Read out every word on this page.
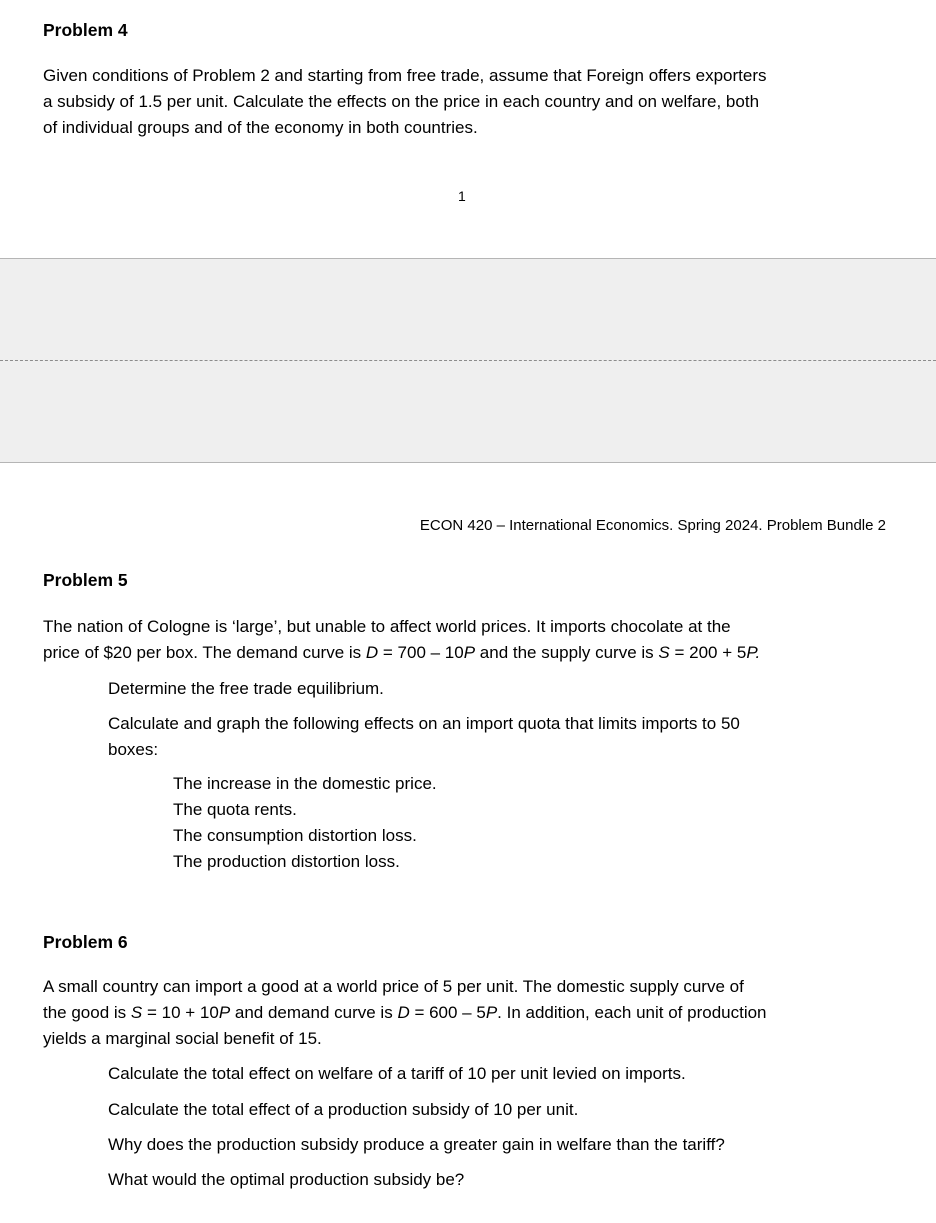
Problem 4
Given conditions of Problem 2 and starting from free trade, assume that Foreign offers exporters
a subsidy of 1.5 per unit. Calculate the effects on the price in each country and on welfare, both
of individual groups and of the economy in both countries.
1
ECON 420 – International Economics. Spring 2024. Problem Bundle 2
Problem 5
The nation of Cologne is ‘large’, but unable to affect world prices. It imports chocolate at the
price of $20 per box. The demand curve is D = 700 – 10P and the supply curve is S = 200 + 5P.
Determine the free trade equilibrium.
Calculate and graph the following effects on an import quota that limits imports to 50
boxes:
The increase in the domestic price.
The quota rents.
The consumption distortion loss.
The production distortion loss.
Problem 6
A small country can import a good at a world price of 5 per unit. The domestic supply curve of
the good is S = 10 + 10P and demand curve is D = 600 – 5P. In addition, each unit of production
yields a marginal social benefit of 15.
Calculate the total effect on welfare of a tariff of 10 per unit levied on imports.
Calculate the total effect of a production subsidy of 10 per unit.
Why does the production subsidy produce a greater gain in welfare than the tariff?
What would the optimal production subsidy be?
